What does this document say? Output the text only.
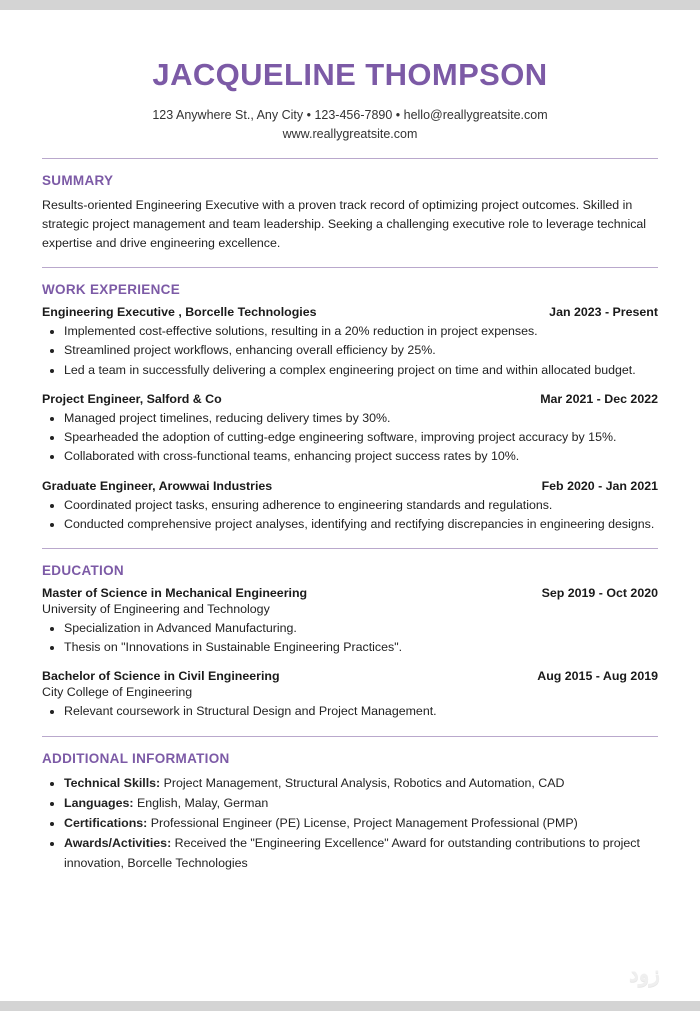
JACQUELINE THOMPSON
123 Anywhere St., Any City • 123-456-7890 • hello@reallygreatsite.com
www.reallygreatsite.com
SUMMARY
Results-oriented Engineering Executive with a proven track record of optimizing project outcomes. Skilled in strategic project management and team leadership. Seeking a challenging executive role to leverage technical expertise and drive engineering excellence.
WORK EXPERIENCE
Engineering Executive , Borcelle Technologies	Jan 2023 - Present
• Implemented cost-effective solutions, resulting in a 20% reduction in project expenses.
• Streamlined project workflows, enhancing overall efficiency by 25%.
• Led a team in successfully delivering a complex engineering project on time and within allocated budget.
Project Engineer, Salford & Co	Mar 2021 - Dec 2022
• Managed project timelines, reducing delivery times by 30%.
• Spearheaded the adoption of cutting-edge engineering software, improving project accuracy by 15%.
• Collaborated with cross-functional teams, enhancing project success rates by 10%.
Graduate Engineer, Arowwai Industries	Feb 2020 - Jan 2021
• Coordinated project tasks, ensuring adherence to engineering standards and regulations.
• Conducted comprehensive project analyses, identifying and rectifying discrepancies in engineering designs.
EDUCATION
Master of Science in Mechanical Engineering	Sep 2019 - Oct 2020
University of Engineering and Technology
• Specialization in Advanced Manufacturing.
• Thesis on "Innovations in Sustainable Engineering Practices".
Bachelor of Science in Civil Engineering	Aug 2015 - Aug 2019
City College of Engineering
• Relevant coursework in Structural Design and Project Management.
ADDITIONAL INFORMATION
• Technical Skills: Project Management, Structural Analysis, Robotics and Automation, CAD
• Languages: English, Malay, German
• Certifications: Professional Engineer (PE) License, Project Management Professional (PMP)
• Awards/Activities: Received the "Engineering Excellence" Award for outstanding contributions to project innovation, Borcelle Technologies
زود
